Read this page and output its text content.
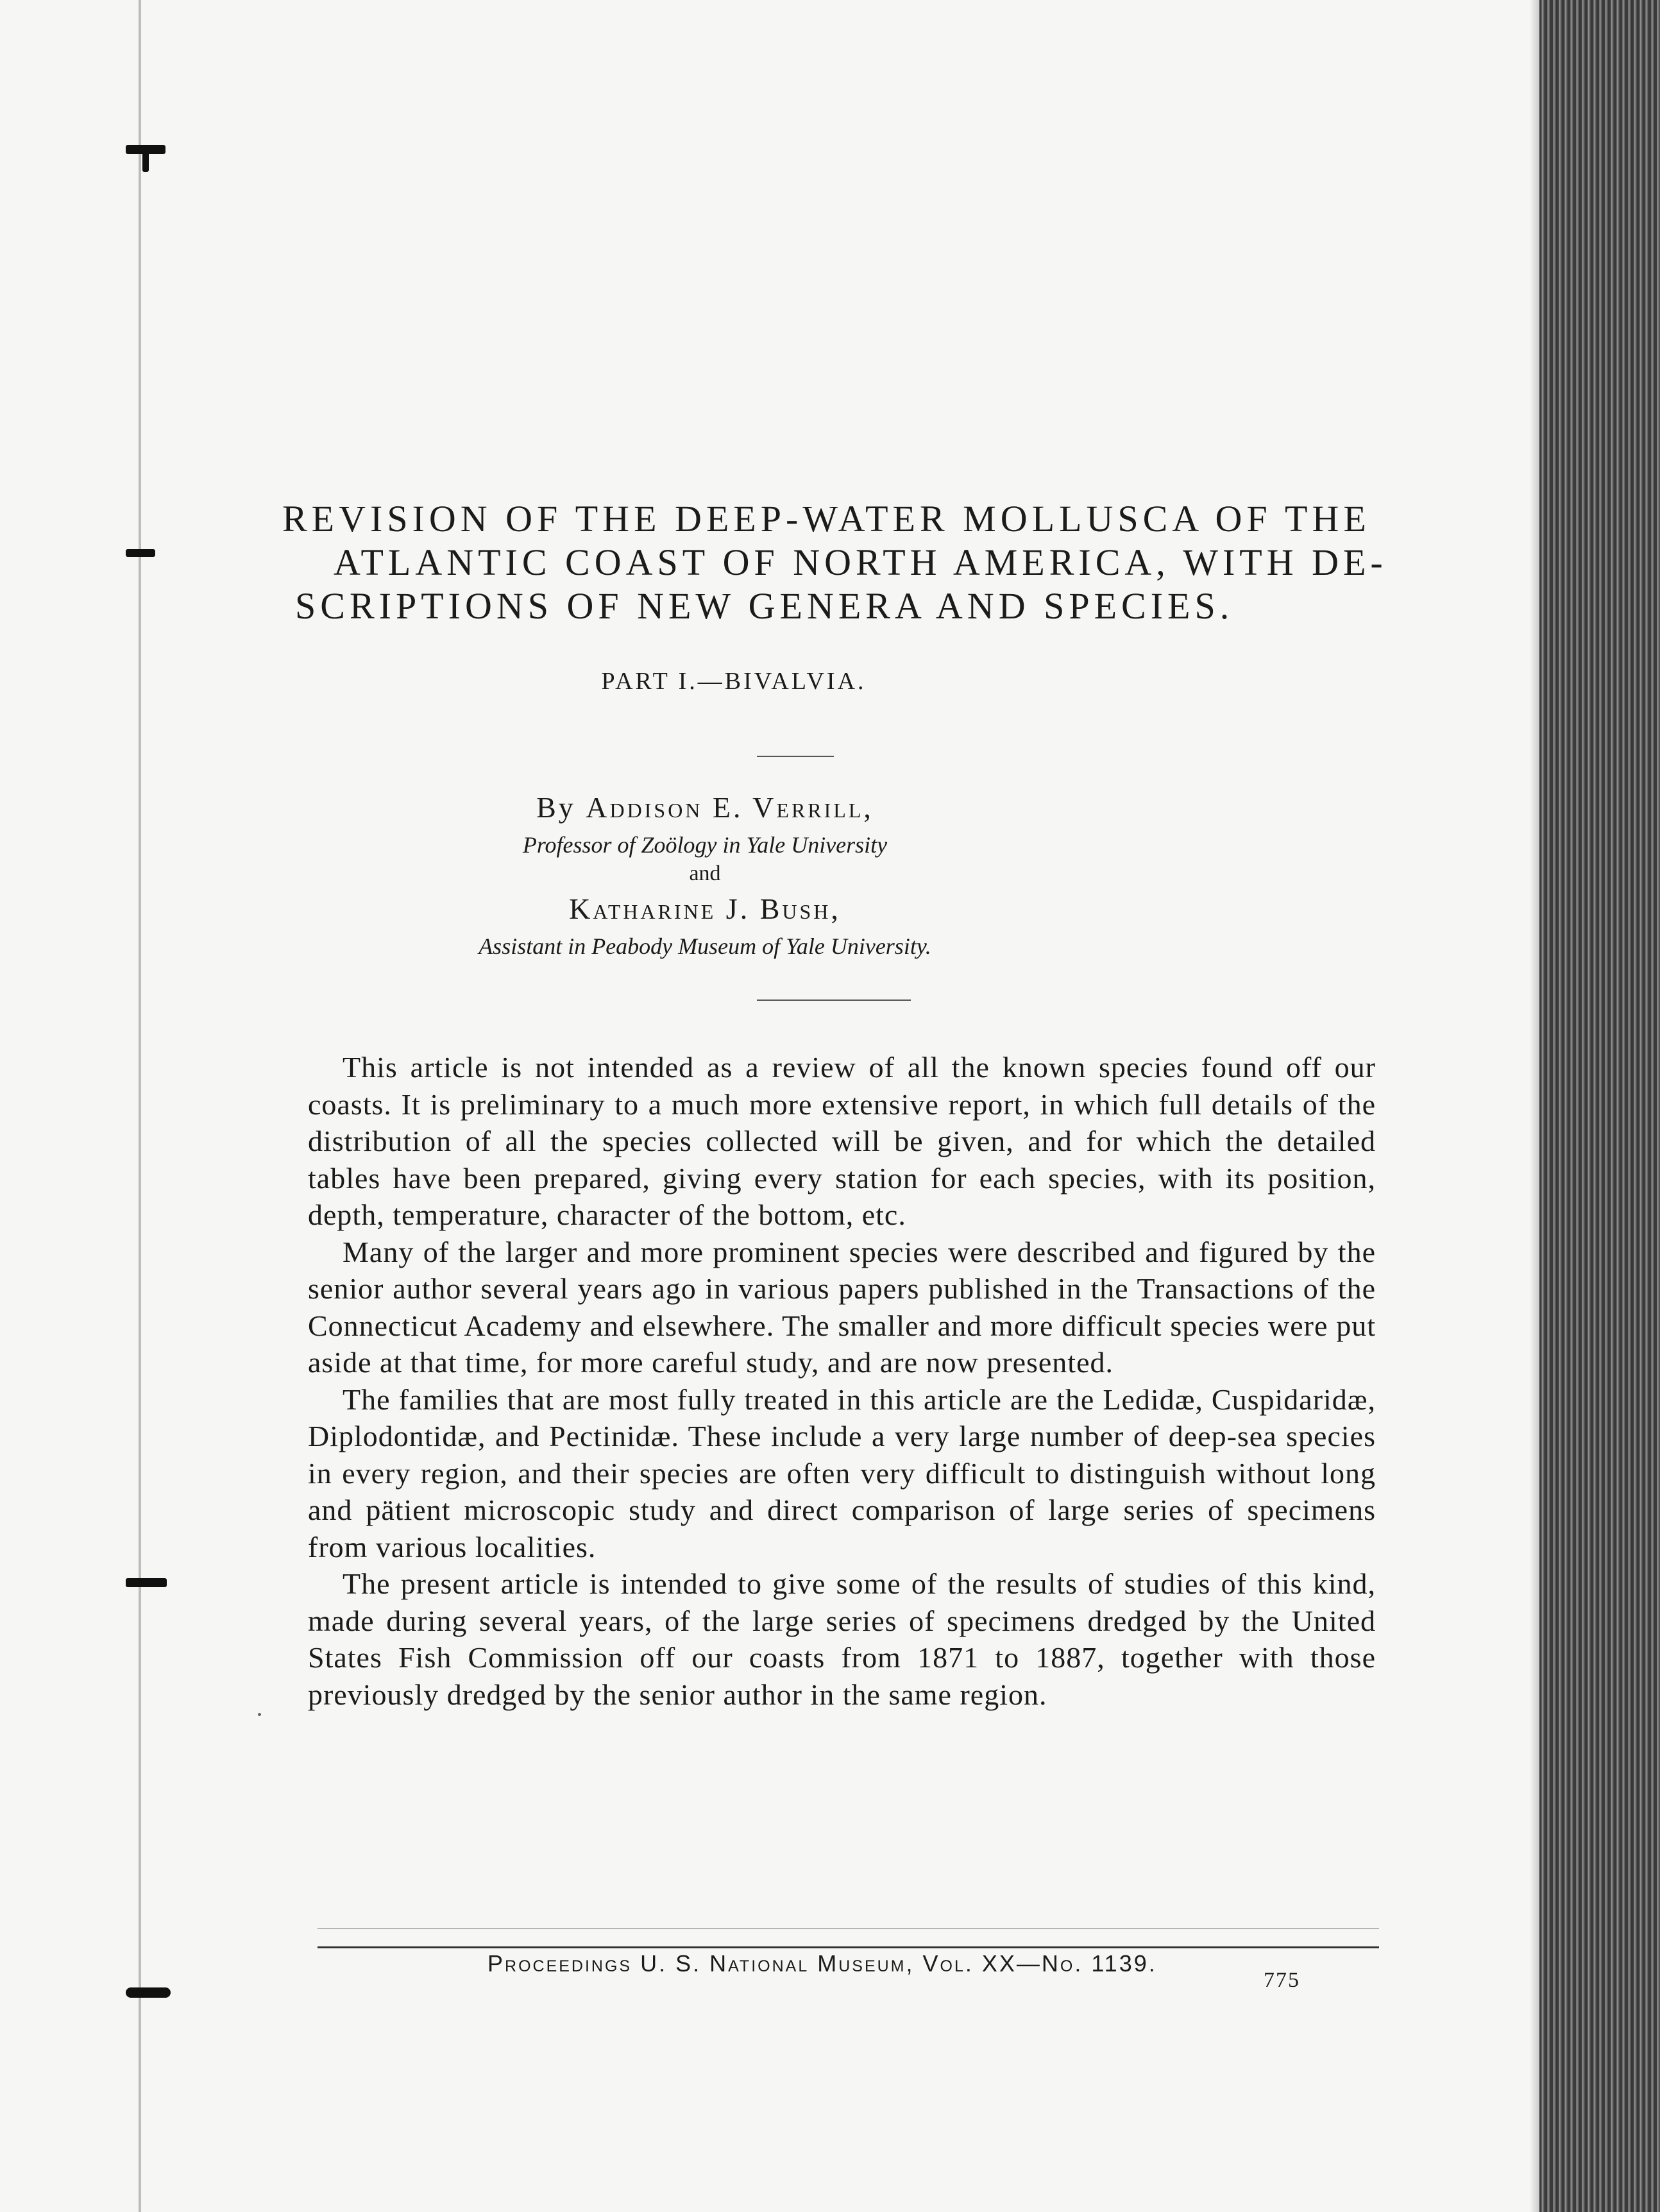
REVISION OF THE DEEP-WATER MOLLUSCA OF THE
ATLANTIC COAST OF NORTH AMERICA, WITH DE-
SCRIPTIONS OF NEW GENERA AND SPECIES.
PART I.—BIVALVIA.
By Addison E. Verrill,
Professor of Zoölogy in Yale University
and
Katharine J. Bush,
Assistant in Peabody Museum of Yale University.

This article is not intended as a review of all the known species found off our coasts. It is preliminary to a much more extensive report, in which full details of the distribution of all the species collected will be given, and for which the detailed tables have been prepared, giving every station for each species, with its position, depth, temperature, character of the bottom, etc.

Many of the larger and more prominent species were described and figured by the senior author several years ago in various papers published in the Transactions of the Connecticut Academy and elsewhere. The smaller and more difficult species were put aside at that time, for more careful study, and are now presented.

The families that are most fully treated in this article are the Ledidæ, Cuspidaridæ, Diplodontidæ, and Pectinidæ. These include a very large number of deep-sea species in every region, and their species are often very difficult to distinguish without long and pätient microscopic study and direct comparison of large series of specimens from various localities.

The present article is intended to give some of the results of studies of this kind, made during several years, of the large series of specimens dredged by the United States Fish Commission off our coasts from 1871 to 1887, together with those previously dredged by the senior author in the same region.

Proceedings U. S. National Museum, Vol. XX—No. 1139.
775
